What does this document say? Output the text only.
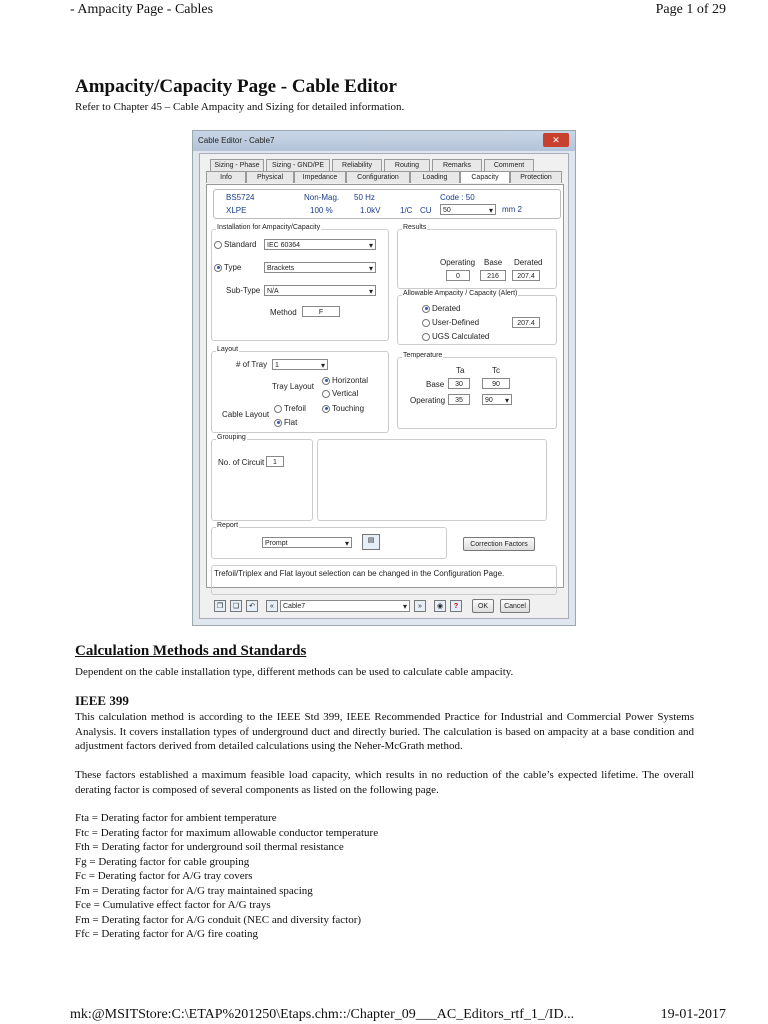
- Ampacity Page - Cables	Page 1 of 29
Ampacity/Capacity Page - Cable Editor
Refer to Chapter 45 – Cable Ampacity and Sizing for detailed information.
Cable Editor - Cable7	✕
Sizing - Phase	Sizing - GND/PE	Reliability	Routing	Remarks	Comment
Info	Physical	Impedance	Configuration	Loading	Capacity	Protection
BS5724	Non-Mag. 50 Hz	Code : 50
XLPE	100 %	1.0kV 1/C CU	50 ▾	mm 2
Installation for Ampacity/Capacity
Standard	IEC 60364 ▾
Type	Brackets ▾
Sub-Type N/A ▾
Method	F
Results
Operating Base Derated
0	216	207.4
Allowable Ampacity / Capacity (Alert)
Derated
User-Defined	207.4
UGS Calculated
Layout
# of Tray	1 ▾
Tray Layout
Horizontal
Vertical
Cable Layout
Trefoil
Flat
Touching
Temperature
Ta	Tc
Base	30	90
Operating	35	90 ▾
Grouping
No. of Circuit	1
Report
Prompt ▾	▤
Correction Factors
Trefoil/Triplex and Flat layout selection can be changed in the Configuration Page.
❐	❏	↶	«	Cable7 ▾	»	◉	?	OK	Cancel
Calculation Methods and Standards
Dependent on the cable installation type, different methods can be used to calculate cable ampacity.
IEEE 399
This calculation method is according to the IEEE Std 399, IEEE Recommended Practice for Industrial and Commercial Power Systems Analysis. It covers installation types of underground duct and directly buried. The calculation is based on ampacity at a base condition and adjustment factors derived from detailed calculations using the Neher-McGrath method.
These factors established a maximum feasible load capacity, which results in no reduction of the cable’s expected lifetime. The overall derating factor is composed of several components as listed on the following page.
Fta = Derating factor for ambient temperature
Ftc = Derating factor for maximum allowable conductor temperature
Fth = Derating factor for underground soil thermal resistance
Fg = Derating factor for cable grouping
Fc = Derating factor for A/G tray covers
Fm = Derating factor for A/G tray maintained spacing
Fce = Cumulative effect factor for A/G trays
Fm = Derating factor for A/G conduit (NEC and diversity factor)
Ffc = Derating factor for A/G fire coating
mk:@MSITStore:C:\ETAP%201250\Etaps.chm::/Chapter_09___AC_Editors_rtf_1_/ID...	19-01-2017
